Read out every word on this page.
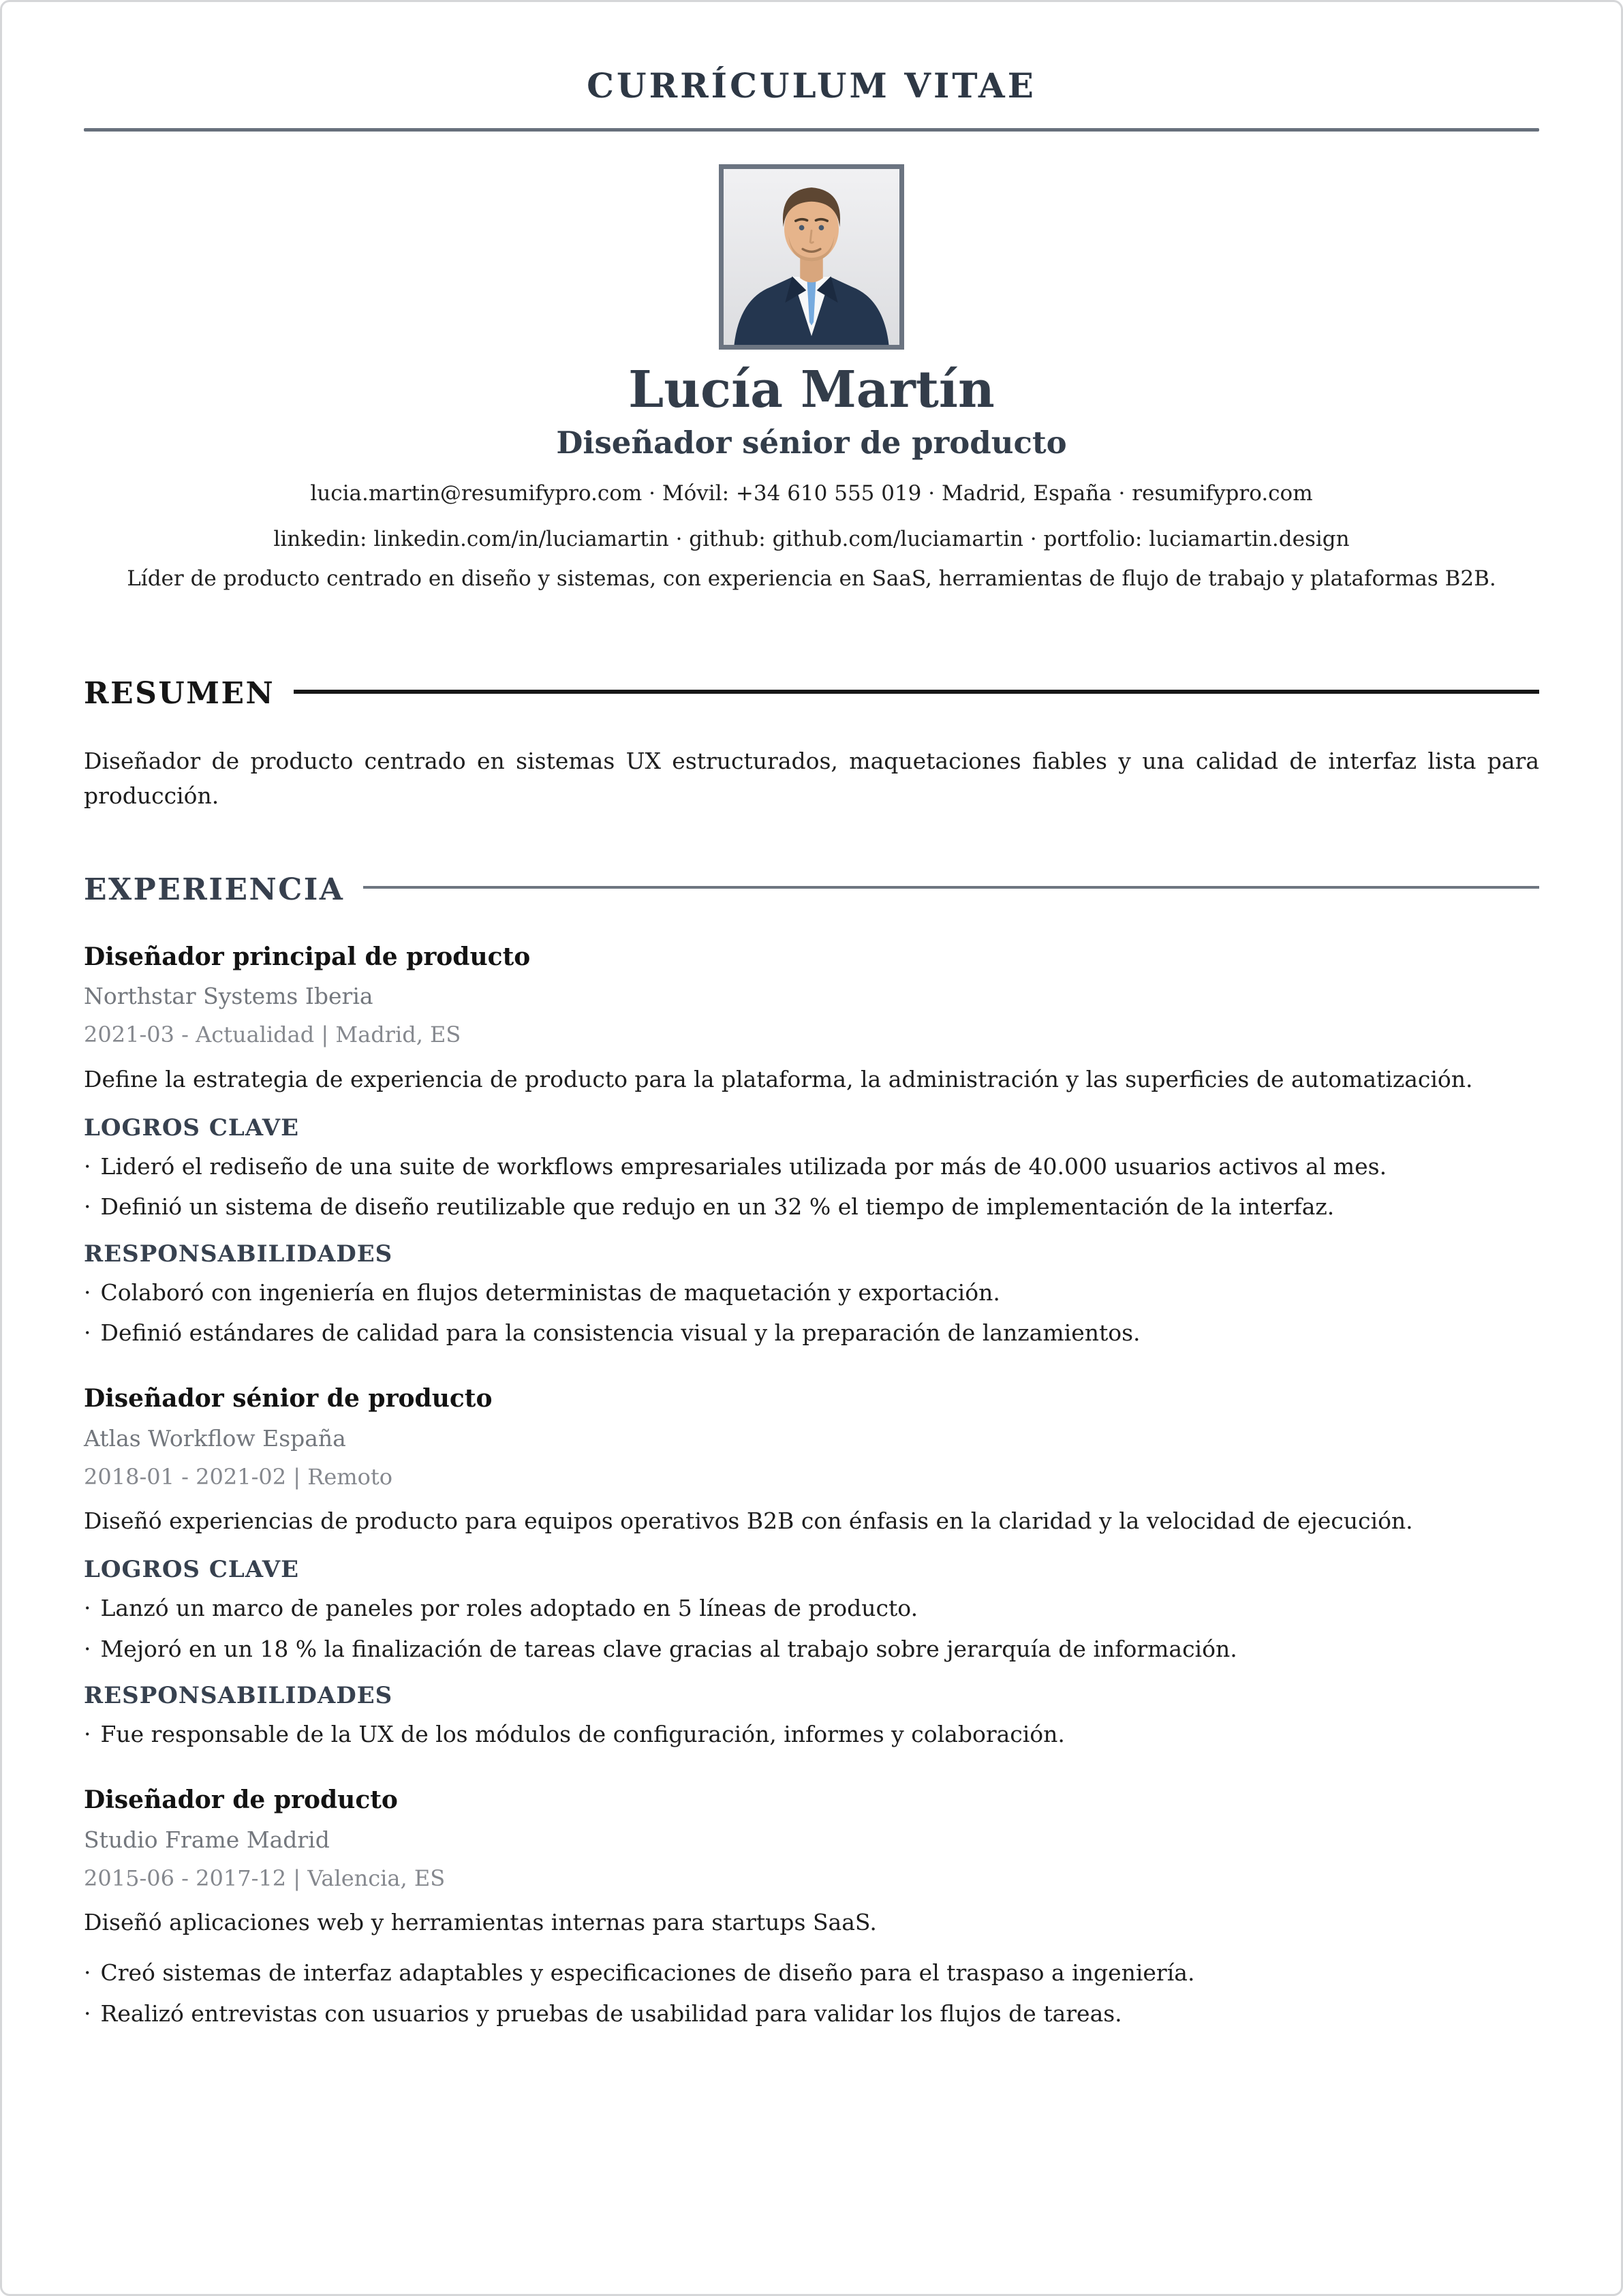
CURRÍCULUM VITAE
Lucía Martín
Diseñador sénior de producto
lucia.martin@resumifypro.com · Móvil: +34 610 555 019 · Madrid, España · resumifypro.com
linkedin: linkedin.com/in/luciamartin · github: github.com/luciamartin · portfolio: luciamartin.design
Líder de producto centrado en diseño y sistemas, con experiencia en SaaS, herramientas de flujo de trabajo y plataformas B2B.
RESUMEN
Diseñador de producto centrado en sistemas UX estructurados, maquetaciones fiables y una calidad de interfaz lista para producción.
EXPERIENCIA
Diseñador principal de producto
Northstar Systems Iberia
2021-03 - Actualidad | Madrid, ES
Define la estrategia de experiencia de producto para la plataforma, la administración y las superficies de automatización.
LOGROS CLAVE
· Lideró el rediseño de una suite de workflows empresariales utilizada por más de 40.000 usuarios activos al mes.
· Definió un sistema de diseño reutilizable que redujo en un 32 % el tiempo de implementación de la interfaz.
RESPONSABILIDADES
· Colaboró con ingeniería en flujos deterministas de maquetación y exportación.
· Definió estándares de calidad para la consistencia visual y la preparación de lanzamientos.
Diseñador sénior de producto
Atlas Workflow España
2018-01 - 2021-02 | Remoto
Diseñó experiencias de producto para equipos operativos B2B con énfasis en la claridad y la velocidad de ejecución.
LOGROS CLAVE
· Lanzó un marco de paneles por roles adoptado en 5 líneas de producto.
· Mejoró en un 18 % la finalización de tareas clave gracias al trabajo sobre jerarquía de información.
RESPONSABILIDADES
· Fue responsable de la UX de los módulos de configuración, informes y colaboración.
Diseñador de producto
Studio Frame Madrid
2015-06 - 2017-12 | Valencia, ES
Diseñó aplicaciones web y herramientas internas para startups SaaS.
· Creó sistemas de interfaz adaptables y especificaciones de diseño para el traspaso a ingeniería.
· Realizó entrevistas con usuarios y pruebas de usabilidad para validar los flujos de tareas.
